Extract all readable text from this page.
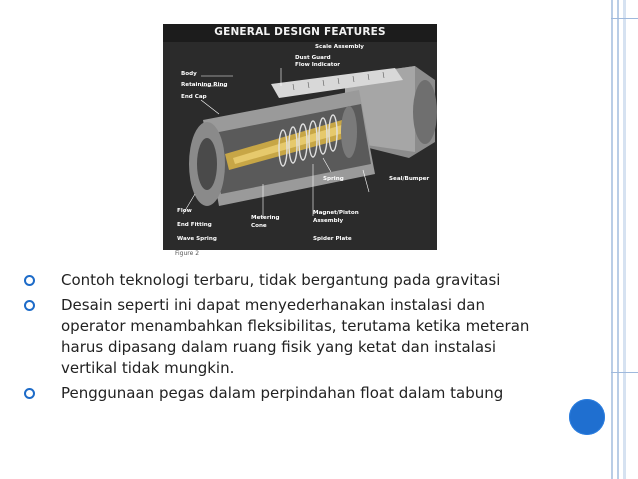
GENERAL DESIGN FEATURES
Scale Assembly
Dust Guard
Flow Indicator
Body
Retaining Ring
End Cap
Seal/Bumper
Spring
Flow
End Fitting
Wave Spring
Metering
Cone
Magnet/Piston
Assembly
Spider Plate
Figure 2
Contoh teknologi terbaru, tidak bergantung pada gravitasi
Desain seperti ini dapat menyederhanakan instalasi dan
operator menambahkan fleksibilitas, terutama ketika meteran
harus dipasang dalam ruang fisik yang ketat dan instalasi
vertikal tidak mungkin.
Penggunaan pegas dalam perpindahan float dalam tabung
